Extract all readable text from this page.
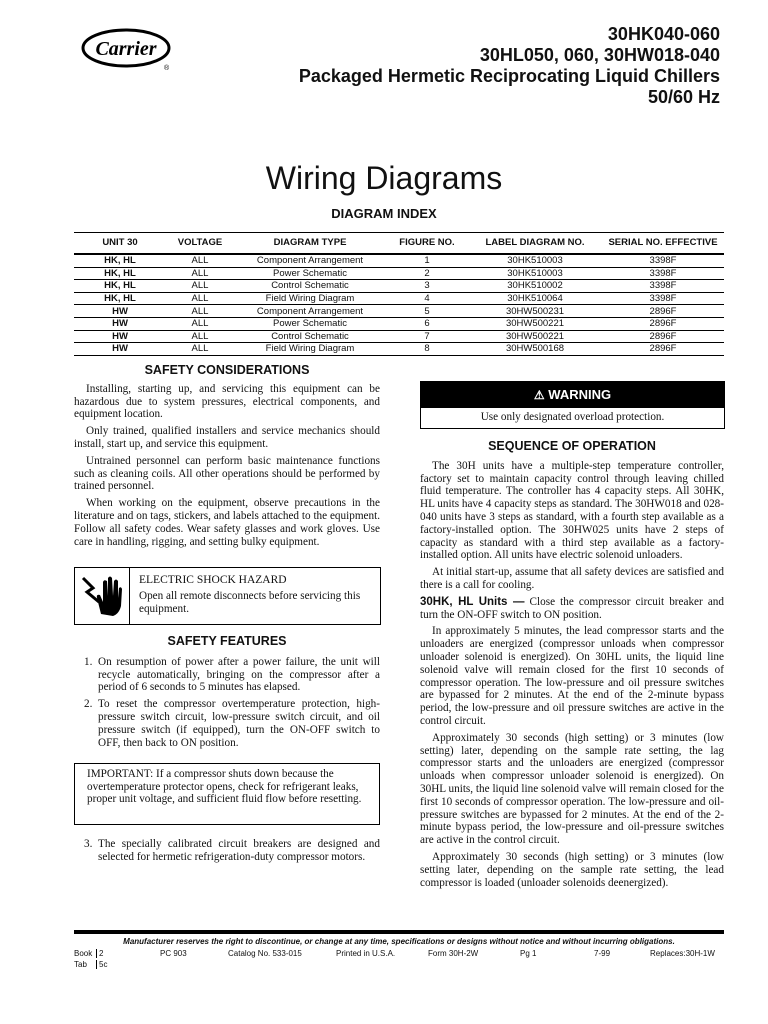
Carrier
®
30HK040-060
30HL050, 060, 30HW018-040
Packaged Hermetic Reciprocating Liquid Chillers
50/60 Hz
Wiring Diagrams
DIAGRAM INDEX
UNIT 30	VOLTAGE	DIAGRAM TYPE	FIGURE NO.	LABEL DIAGRAM NO.	SERIAL NO. EFFECTIVE
HK, HL	ALL	Component Arrangement	1	30HK510003	3398F
HK, HL	ALL	Power Schematic	2	30HK510003	3398F
HK, HL	ALL	Control Schematic	3	30HK510002	3398F
HK, HL	ALL	Field Wiring Diagram	4	30HK510064	3398F
HW	ALL	Component Arrangement	5	30HW500231	2896F
HW	ALL	Power Schematic	6	30HW500221	2896F
HW	ALL	Control Schematic	7	30HW500221	2896F
HW	ALL	Field Wiring Diagram	8	30HW500168	2896F
SAFETY CONSIDERATIONS

Installing, starting up, and servicing this equipment can be hazardous due to system pressures, electrical components, and equipment location.

Only trained, qualified installers and service mechanics should install, start up, and service this equipment.

Untrained personnel can perform basic maintenance functions such as cleaning coils. All other operations should be performed by trained personnel.

When working on the equipment, observe precautions in the literature and on tags, stickers, and labels attached to the equipment. Follow all safety codes. Wear safety glasses and work gloves. Use care in handling, rigging, and setting bulky equipment.

ELECTRIC SHOCK HAZARD
Open all remote disconnects before servicing this equipment.
SAFETY FEATURES
1. On resumption of power after a power failure, the unit will recycle automatically, bringing on the compressor after a period of 6 seconds to 5 minutes has elapsed.
2. To reset the compressor overtemperature protection, high-pressure switch circuit, low-pressure switch circuit, and oil pressure switch (if equipped), turn the ON-OFF switch to OFF, then back to ON position.
IMPORTANT: If a compressor shuts down because the overtemperature protector opens, check for refrigerant leaks, proper unit voltage, and sufficient fluid flow before resetting.
3. The specially calibrated circuit breakers are designed and selected for hermetic refrigeration-duty compressor motors.
⚠ WARNING
Use only designated overload protection.
SEQUENCE OF OPERATION

The 30H units have a multiple-step temperature controller, factory set to maintain capacity control through leaving chilled fluid temperature. The controller has 4 capacity steps. All 30HK, HL units have 4 capacity steps as standard. The 30HW018 and 028-040 units have 3 steps as standard, with a fourth step available as a factory-installed option. The 30HW025 units have 2 steps of capacity as standard with a third step available as a factory-installed option. All units have electric solenoid unloaders.

At initial start-up, assume that all safety devices are satisfied and there is a call for cooling.

30HK, HL Units — Close the compressor circuit breaker and turn the ON-OFF switch to ON position.

In approximately 5 minutes, the lead compressor starts and the unloaders are energized (compressor unloads when compressor unloader solenoid is energized). On 30HL units, the liquid line solenoid valve will remain closed for the first 10 seconds of compressor operation. The low-pressure and oil pressure switches are bypassed for 2 minutes. At the end of the 2-minute bypass period, the low-pressure and oil pressure switches are active in the control circuit.

Approximately 30 seconds (high setting) or 3 minutes (low setting) later, depending on the sample rate setting, the lag compressor starts and the unloaders are energized (compressor unloads when compressor unloader solenoid is energized). On 30HL units, the liquid line solenoid valve will remain closed for the first 10 seconds of compressor operation. The low-pressure and oil-pressure switches are bypassed for 2 minutes. At the end of the 2-minute bypass period, the low-pressure and oil-pressure switches are active in the control circuit.

Approximately 30 seconds (high setting) or 3 minutes (low setting later, depending on the sample rate setting, the lead compressor is loaded (unloader solenoids deenergized).

Manufacturer reserves the right to discontinue, or change at any time, specifications or designs without notice and without incurring obligations.
Book 2
Tab	5c
PC 903	Catalog No. 533-015	Printed in U.S.A.	Form 30H-2W	Pg 1	7-99	Replaces:30H-1W
